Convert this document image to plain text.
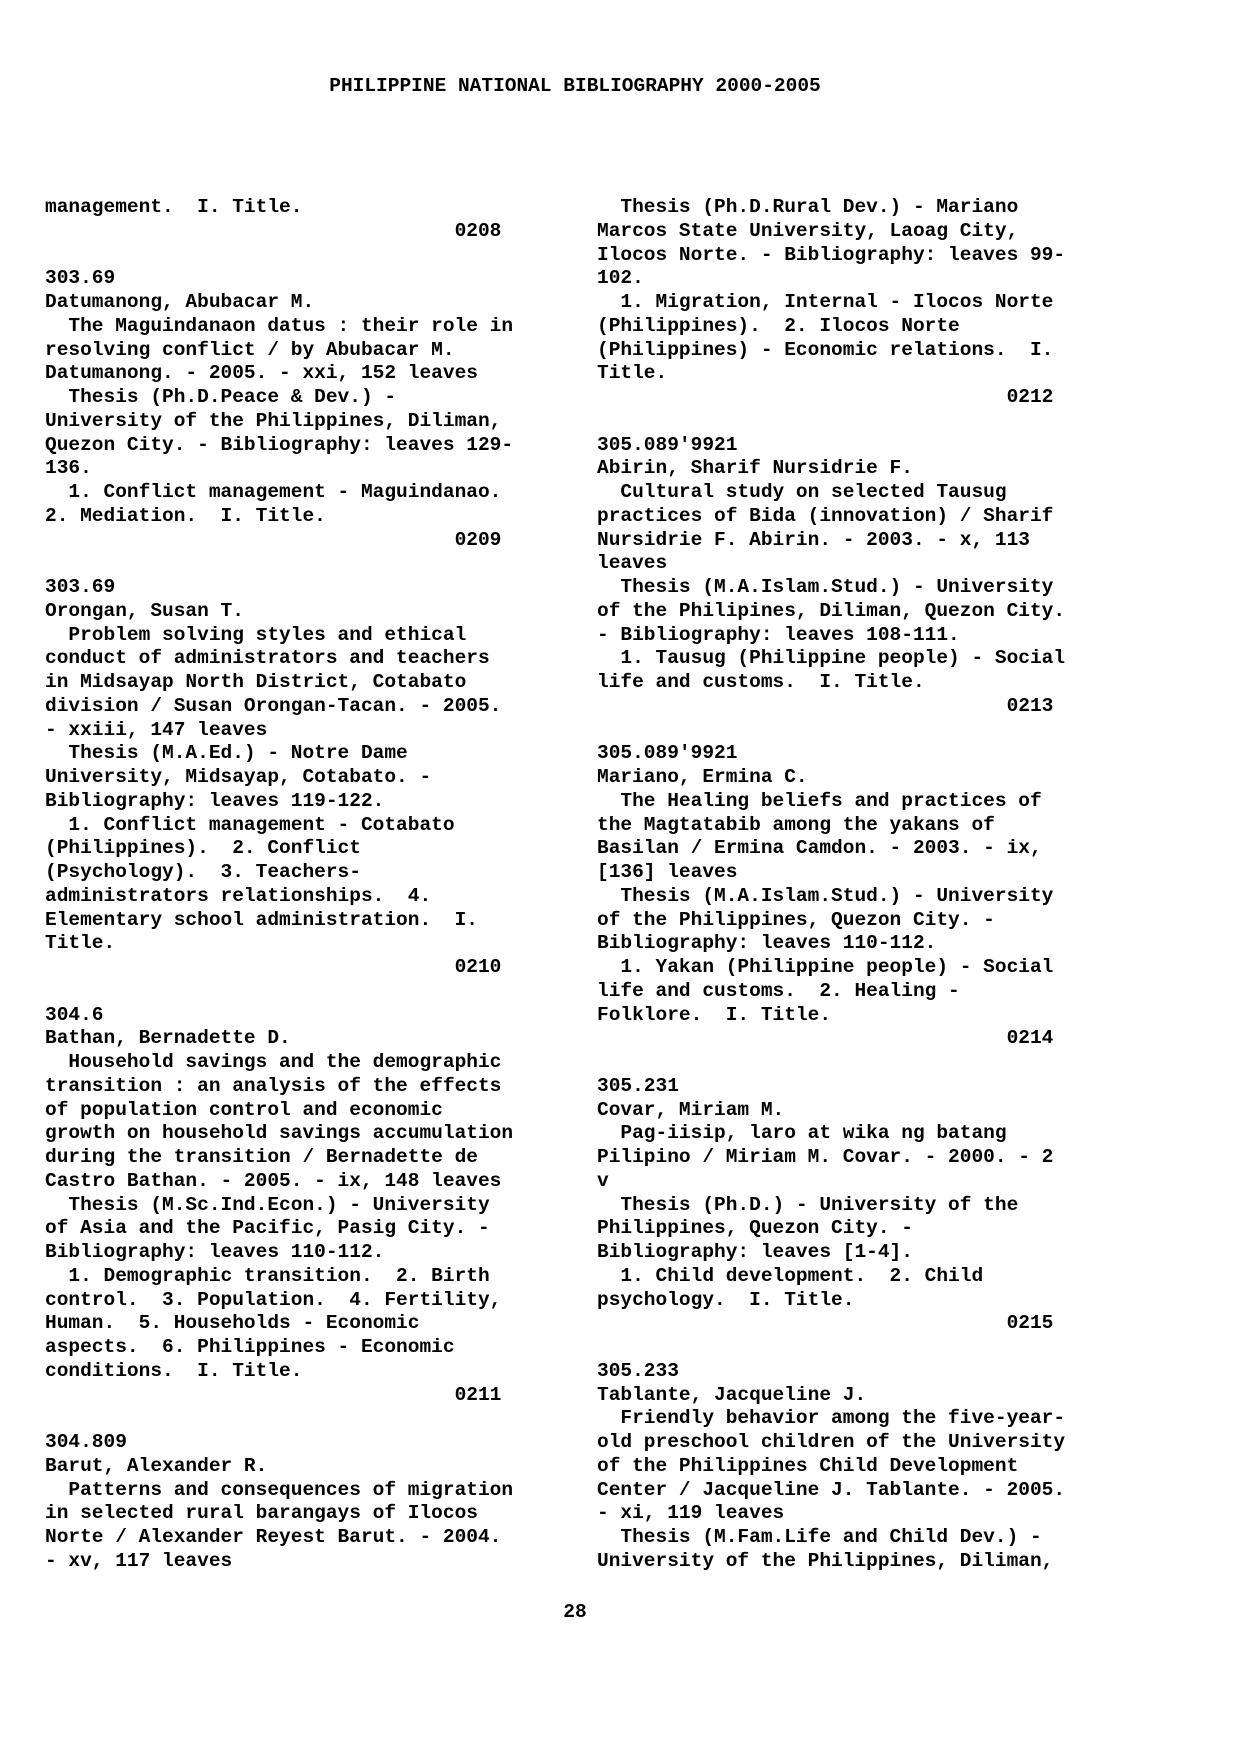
PHILIPPINE NATIONAL BIBLIOGRAPHY 2000-2005
management.  I. Title.
0208
303.69
Datumanong, Abubacar M.
The Maguindanaon datus : their role in
resolving conflict / by Abubacar M.
Datumanong. - 2005. - xxi, 152 leaves
Thesis (Ph.D.Peace & Dev.) -
University of the Philippines, Diliman,
Quezon City. - Bibliography: leaves 129-
136.
1. Conflict management - Maguindanao.
2. Mediation.  I. Title.
0209
303.69
Orongan, Susan T.
Problem solving styles and ethical
conduct of administrators and teachers
in Midsayap North District, Cotabato
division / Susan Orongan-Tacan. - 2005.
- xxiii, 147 leaves
Thesis (M.A.Ed.) - Notre Dame
University, Midsayap, Cotabato. -
Bibliography: leaves 119-122.
1. Conflict management - Cotabato
(Philippines).  2. Conflict
(Psychology).  3. Teachers-
administrators relationships.  4.
Elementary school administration.  I.
Title.
0210
304.6
Bathan, Bernadette D.
Household savings and the demographic
transition : an analysis of the effects
of population control and economic
growth on household savings accumulation
during the transition / Bernadette de
Castro Bathan. - 2005. - ix, 148 leaves
Thesis (M.Sc.Ind.Econ.) - University
of Asia and the Pacific, Pasig City. -
Bibliography: leaves 110-112.
1. Demographic transition.  2. Birth
control.  3. Population.  4. Fertility,
Human.  5. Households - Economic
aspects.  6. Philippines - Economic
conditions.  I. Title.
0211
304.809
Barut, Alexander R.
Patterns and consequences of migration
in selected rural barangays of Ilocos
Norte / Alexander Reyest Barut. - 2004.
- xv, 117 leaves
Thesis (Ph.D.Rural Dev.) - Mariano
Marcos State University, Laoag City,
Ilocos Norte. - Bibliography: leaves 99-
102.
1. Migration, Internal - Ilocos Norte
(Philippines).  2. Ilocos Norte
(Philippines) - Economic relations.  I.
Title.
0212
305.089'9921
Abirin, Sharif Nursidrie F.
Cultural study on selected Tausug
practices of Bida (innovation) / Sharif
Nursidrie F. Abirin. - 2003. - x, 113
leaves
Thesis (M.A.Islam.Stud.) - University
of the Philipines, Diliman, Quezon City.
- Bibliography: leaves 108-111.
1. Tausug (Philippine people) - Social
life and customs.  I. Title.
0213
305.089'9921
Mariano, Ermina C.
The Healing beliefs and practices of
the Magtatabib among the yakans of
Basilan / Ermina Camdon. - 2003. - ix,
[136] leaves
Thesis (M.A.Islam.Stud.) - University
of the Philippines, Quezon City. -
Bibliography: leaves 110-112.
1. Yakan (Philippine people) - Social
life and customs.  2. Healing -
Folklore.  I. Title.
0214
305.231
Covar, Miriam M.
Pag-iisip, laro at wika ng batang
Pilipino / Miriam M. Covar. - 2000. - 2
v
Thesis (Ph.D.) - University of the
Philippines, Quezon City. -
Bibliography: leaves [1-4].
1. Child development.  2. Child
psychology.  I. Title.
0215
305.233
Tablante, Jacqueline J.
Friendly behavior among the five-year-
old preschool children of the University
of the Philippines Child Development
Center / Jacqueline J. Tablante. - 2005.
- xi, 119 leaves
Thesis (M.Fam.Life and Child Dev.) -
University of the Philippines, Diliman,
28
